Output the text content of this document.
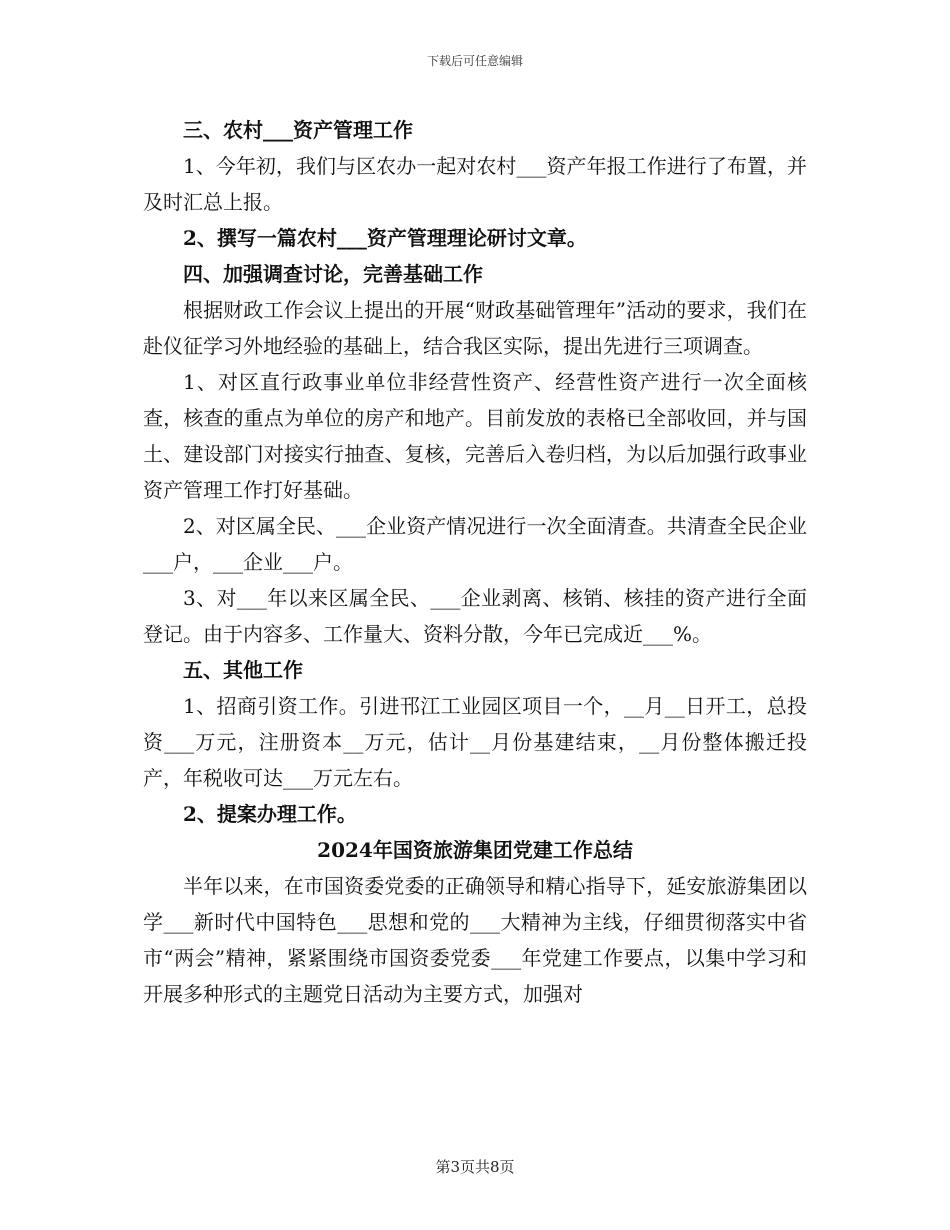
下载后可任意编辑

三、农村___资产管理工作

1、今年初，我们与区农办一起对农村___资产年报工作进行了布置，并及时汇总上报。

2、撰写一篇农村___资产管理理论研讨文章。

四、加强调查讨论，完善基础工作

根据财政工作会议上提出的开展“财政基础管理年”活动的要求，我们在赴仪征学习外地经验的基础上，结合我区实际，提出先进行三项调查。

1、对区直行政事业单位非经营性资产、经营性资产进行一次全面核查，核查的重点为单位的房产和地产。目前发放的表格已全部收回，并与国土、建设部门对接实行抽查、复核，完善后入卷归档，为以后加强行政事业资产管理工作打好基础。

2、对区属全民、___企业资产情况进行一次全面清查。共清查全民企业___户，___企业___户。

3、对___年以来区属全民、___企业剥离、核销、核挂的资产进行全面登记。由于内容多、工作量大、资料分散，今年已完成近___%。

五、其他工作

1、招商引资工作。引进邗江工业园区项目一个，__月__日开工，总投资___万元，注册资本__万元，估计__月份基建结束，__月份整体搬迁投产，年税收可达___万元左右。

2、提案办理工作。

2024年国资旅游集团党建工作总结

半年以来，在市国资委党委的正确领导和精心指导下，延安旅游集团以学___新时代中国特色___思想和党的___大精神为主线，仔细贯彻落实中省市“两会”精神，紧紧围绕市国资委党委___年党建工作要点，以集中学习和开展多种形式的主题党日活动为主要方式，加强对

第3页共8页
